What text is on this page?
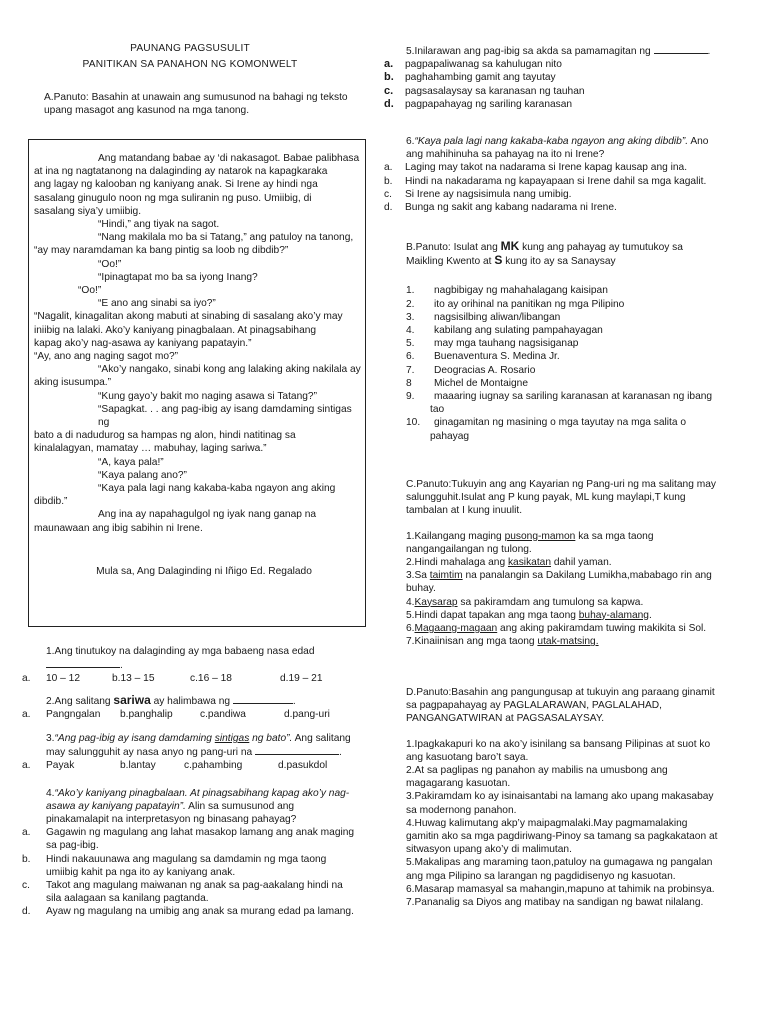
PAUNANG PAGSUSULIT
PANITIKAN SA PANAHON NG KOMONWELT

A.Panuto: Basahin at unawain ang sumusunod na bahagi ng teksto

upang masagot ang kasunod na mga tanong.

Ang matandang babae ay ‘di nakasagot. Babae palibhasa

at ina ng nagtatanong na dalaginding ay natarok na kapagkaraka

ang lagay ng kalooban ng kaniyang anak. Si Irene ay hindi nga

sasalang ginugulo noon ng mga suliranin ng puso. Umiibig, di

sasalang siya’y umiibig.

“Hindi,” ang tiyak na sagot.

“Nang makilala mo ba si Tatang,” ang patuloy na tanong,

“ay may naramdaman ka bang pintig sa loob ng dibdib?”

“Oo!”

“Ipinagtapat mo ba sa iyong Inang?

“Oo!”

“E ano ang sinabi sa iyo?”

“Nagalit, kinagalitan akong mabuti at sinabing di sasalang ako’y may

iniibig na lalaki. Ako’y kaniyang pinagbalaan. At pinagsabihang

kapag ako’y nag-asawa ay kaniyang papatayin.”

“Ay, ano ang naging sagot mo?”

“Ako’y nangako, sinabi kong ang lalaking aking nakilala ay

aking isusumpa.”

“Kung gayo’y bakit mo naging asawa si Tatang?”

“Sapagkat. . . ang pag-ibig ay isang damdaming sintigas ng

bato a di nadudurog sa hampas ng alon, hindi natitinag sa

kinalalagyan, mamatay … mabuhay, laging sariwa.”

“A, kaya pala!”

“Kaya palang ano?”

“Kaya pala lagi nang kakaba-kaba ngayon ang aking

dibdib.”

Ang ina ay napahagulgol ng iyak nang ganap na

maunawaan ang ibig sabihin ni Irene.

Mula sa, Ang Dalaginding ni Iñigo Ed. Regalado

1.Ang tinutukoy na dalaginding ay mga babaeng nasa edad

.

a.	10 – 12	b.13 – 15	c.16 – 18	d.19 – 21

2.Ang salitang sariwa ay halimbawa ng	.

a.	Pangngalan	b.panghalip	c.pandiwa	d.pang-uri

3.“Ang pag-ibig ay isang damdaming sintigas ng bato”. Ang salitang

may salungguhit ay nasa anyo ng pang-uri na	.

a.	Payak	b.lantay	c.pahambing	d.pasukdol

4.“Ako’y kaniyang pinagbalaan. At pinagsabihang kapag ako’y nag-

asawa ay kaniyang papatayin”. Alin sa sumusunod ang

pinakamalapit na interpretasyon ng binasang pahayag?

a.	Gagawin ng magulang ang lahat masakop lamang ang anak maging
sa pag-ibig.
b.	Hindi nakauunawa ang magulang sa damdamin ng mga taong
umiibig kahit pa nga ito ay kaniyang anak.
c.	Takot ang magulang maiwanan ng anak sa pag-aakalang hindi na
sila aalagaan sa kanilang pagtanda.
d.	Ayaw ng magulang na umibig ang anak sa murang edad pa lamang.

5.Inilarawan ang pag-ibig sa akda sa pamamagitan ng	.

a.	pagpapaliwanag sa kahulugan nito
b.	paghahambing gamit ang tayutay
c.	pagsasalaysay sa karanasan ng tauhan
d.	pagpapahayag ng sariling karanasan

6.“Kaya pala lagi nang kakaba-kaba ngayon ang aking dibdib”. Ano

ang mahihinuha sa pahayag na ito ni Irene?

a.	Laging may takot na nadarama si Irene kapag kausap ang ina.
b.	Hindi na nakadarama ng kapayapaan si Irene dahil sa mga kagalit.
c.	Si Irene ay nagsisimula nang umibig.
d.	Bunga ng sakit ang kabang nadarama ni Irene.

B.Panuto: Isulat ang MK kung ang pahayag ay tumutukoy sa

Maikling Kwento at S kung ito ay sa Sanaysay

1.	nagbibigay ng mahahalagang kaisipan
2.	ito ay orihinal na panitikan ng mga Pilipino
3.	nagsisilbing aliwan/libangan
4.	kabilang ang sulating pampahayagan
5.	may mga tauhang nagsisiganap
6.	Buenaventura S. Medina Jr.
7.	Deogracias A. Rosario
8	Michel de Montaigne
9.	maaaring iugnay sa sariling karanasan at karanasan ng ibang
tao
10.	ginagamitan ng masining o mga tayutay na mga salita o
pahayag

C.Panuto:Tukuyin ang ang Kayarian ng Pang-uri ng ma salitang may

salungguhit.Isulat ang P kung payak, ML kung maylapi,T kung

tambalan at I kung inuulit.

1.Kailangang maging pusong-mamon ka sa mga taong

nangangailangan ng tulong.

2.Hindi mahalaga ang kasikatan dahil yaman.

3.Sa taimtim na panalangin sa Dakilang Lumikha,mababago rin ang

buhay.

4.Kaysarap sa pakiramdam ang tumulong sa kapwa.

5.Hindi dapat tapakan ang mga taong buhay-alamang.

6.Magaang-magaan ang aking pakiramdam tuwing makikita si Sol.

7.Kinaiinisan ang mga taong utak-matsing.

D.Panuto:Basahin ang pangungusap at tukuyin ang paraang ginamit

sa pagpapahayag ay PAGLALARAWAN, PAGLALAHAD,

PANGANGATWIRAN at PAGSASALAYSAY.

1.Ipagkakapuri ko na ako’y isinilang sa bansang Pilipinas at suot ko

ang kasuotang baro’t saya.

2.At sa paglipas ng panahon ay mabilis na umusbong ang

magagarang kasuotan.

3.Pakiramdam ko ay isinaisantabi na lamang ako upang makasabay

sa modernong panahon.

4.Huwag kalimutang akp’y maipagmalaki.May pagmamalaking

gamitin ako sa mga pagdiriwang-Pinoy sa tamang sa pagkakataon at

sitwasyon upang ako’y di malimutan.

5.Makalipas ang maraming taon,patuloy na gumagawa ng pangalan

ang mga Pilipino sa larangan ng pagdidisenyo ng kasuotan.

6.Masarap mamasyal sa mahangin,mapuno at tahimik na probinsya.

7.Pananalig sa Diyos ang matibay na sandigan ng bawat nilalang.
